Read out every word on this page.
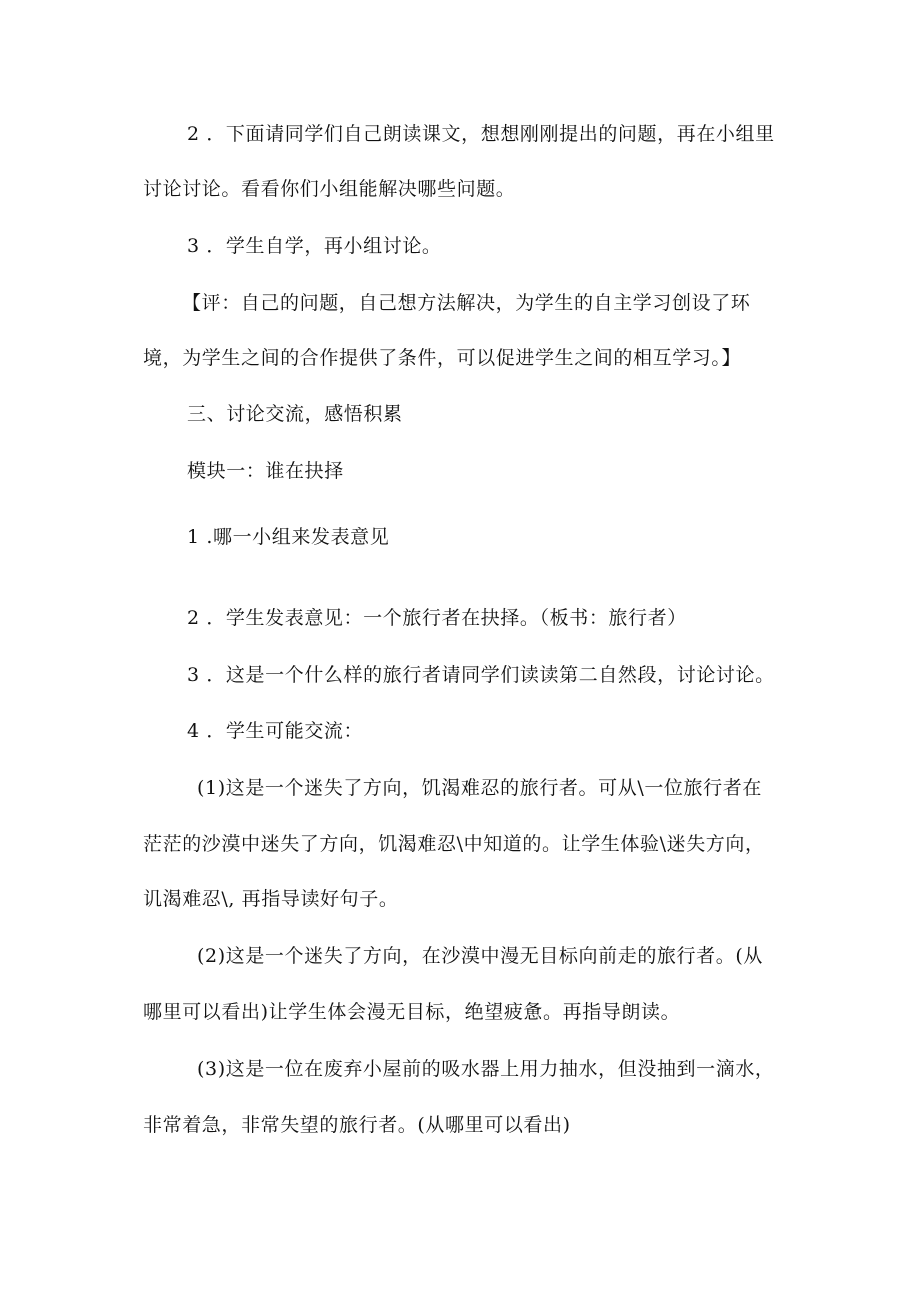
2 ．下面请同学们自己朗读课文，想想刚刚提出的问题，再在小组里
讨论讨论。看看你们小组能解决哪些问题。
3 ．学生自学，再小组讨论。
【评：自己的问题，自己想方法解决，为学生的自主学习创设了环
境，为学生之间的合作提供了条件，可以促进学生之间的相互学习。】
三、讨论交流，感悟积累
模块一：谁在抉择
1 .哪一小组来发表意见
2 ．学生发表意见：一个旅行者在抉择。（板书：旅行者）
3 ．这是一个什么样的旅行者请同学们读读第二自然段，讨论讨论。
4 ．学生可能交流：
(1)这是一个迷失了方向，饥渴难忍的旅行者。可从\一位旅行者在
茫茫的沙漠中迷失了方向，饥渴难忍\中知道的。让学生体验\迷失方向，
讥渴难忍\, 再指导读好句子。
(2)这是一个迷失了方向，在沙漠中漫无目标向前走的旅行者。(从
哪里可以看出)让学生体会漫无目标，绝望疲惫。再指导朗读。
(3)这是一位在废弃小屋前的吸水器上用力抽水，但没抽到一滴水，
非常着急，非常失望的旅行者。(从哪里可以看出)
